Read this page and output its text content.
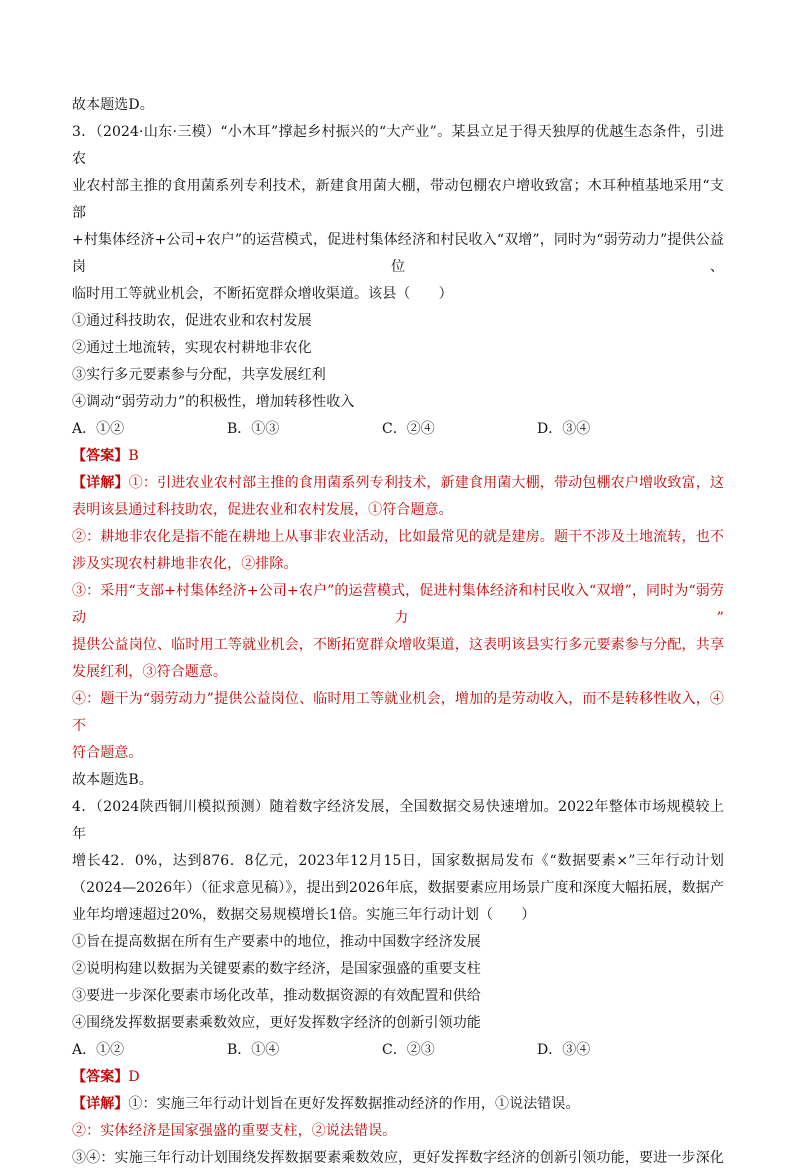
故本题选D。
3．（2024·山东·三模）“小木耳”撑起乡村振兴的“大产业”。某县立足于得天独厚的优越生态条件，引进农
业农村部主推的食用菌系列专利技术，新建食用菌大棚，带动包棚农户增收致富；木耳种植基地采用“支部
+村集体经济+公司+农户”的运营模式，促进村集体经济和村民收入“双增”，同时为“弱劳动力”提供公益岗位、
临时用工等就业机会，不断拓宽群众增收渠道。该县（　　）
①通过科技助农，促进农业和农村发展
②通过土地流转，实现农村耕地非农化
③实行多元要素参与分配，共享发展红利
④调动“弱劳动力”的积极性，增加转移性收入
A．①②	B．①③	C．②④	D．③④
【答案】B
【详解】①：引进农业农村部主推的食用菌系列专利技术，新建食用菌大棚，带动包棚农户增收致富，这
表明该县通过科技助农，促进农业和农村发展，①符合题意。
②：耕地非农化是指不能在耕地上从事非农业活动，比如最常见的就是建房。题干不涉及土地流转，也不
涉及实现农村耕地非农化，②排除。
③：采用“支部+村集体经济+公司+农户”的运营模式，促进村集体经济和村民收入“双增”，同时为“弱劳动力”
提供公益岗位、临时用工等就业机会，不断拓宽群众增收渠道，这表明该县实行多元要素参与分配，共享
发展红利，③符合题意。
④：题干为“弱劳动力”提供公益岗位、临时用工等就业机会，增加的是劳动收入，而不是转移性收入，④不
符合题意。
故本题选B。
4．（2024陕西铜川模拟预测）随着数字经济发展，全国数据交易快速增加。2022年整体市场规模较上年
增长42．0%，达到876．8亿元，2023年12月15日，国家数据局发布《“数据要素×”三年行动计划
（2024—2026年）（征求意见稿）》，提出到2026年底，数据要素应用场景广度和深度大幅拓展，数据产
业年均增速超过20%，数据交易规模增长1倍。实施三年行动计划（　　）
①旨在提高数据在所有生产要素中的地位，推动中国数字经济发展
②说明构建以数据为关键要素的数字经济，是国家强盛的重要支柱
③要进一步深化要素市场化改革，推动数据资源的有效配置和供给
④围绕发挥数据要素乘数效应，更好发挥数字经济的创新引领功能
A．①②	B．①④	C．②③	D．③④
【答案】D
【详解】①：实施三年行动计划旨在更好发挥数据推动经济的作用，①说法错误。
②：实体经济是国家强盛的重要支柱，②说法错误。
③④：实施三年行动计划围绕发挥数据要素乘数效应，更好发挥数字经济的创新引领功能，要进一步深化
